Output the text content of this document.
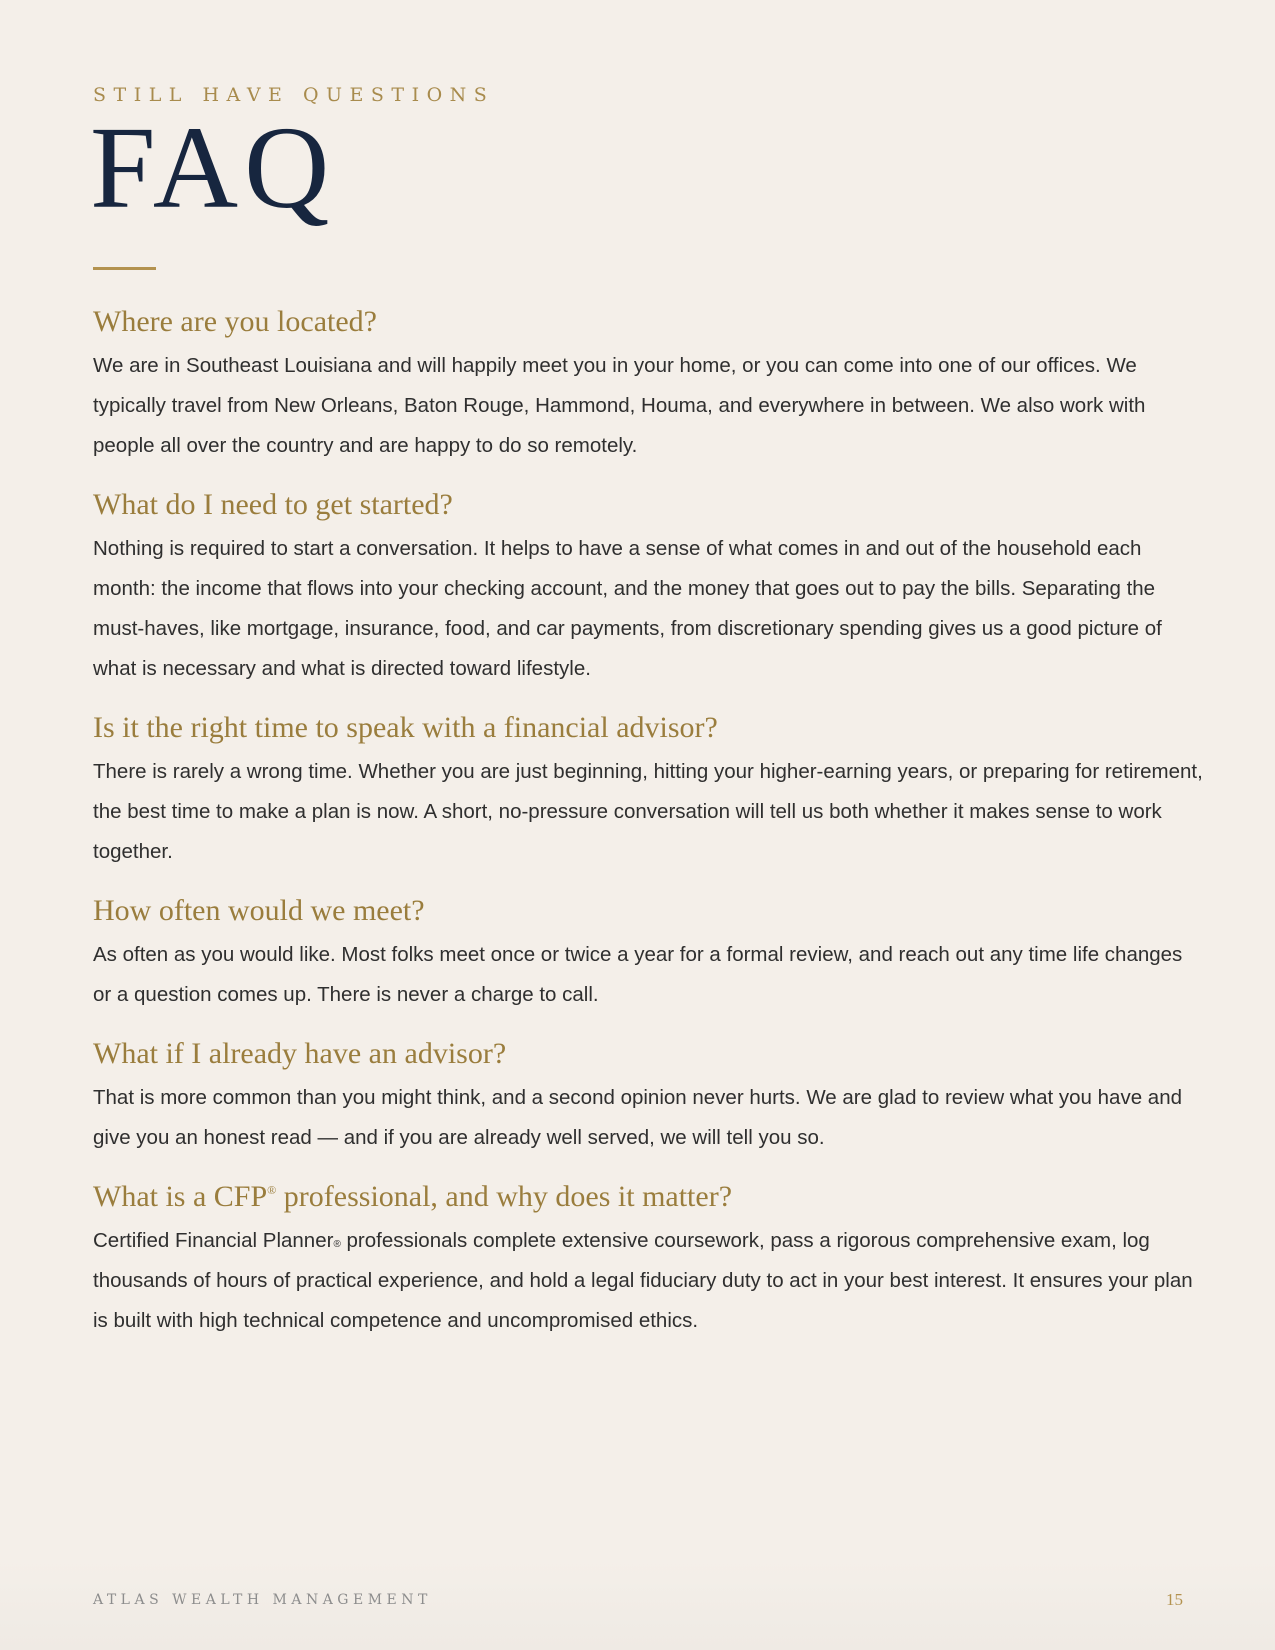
STILL HAVE QUESTIONS

FAQ
Where are you located?

We are in Southeast Louisiana and will happily meet you in your home, or you can come into one of our offices. We typically travel from New Orleans, Baton Rouge, Hammond, Houma, and everywhere in between. We also work with people all over the country and are happy to do so remotely.

What do I need to get started?

Nothing is required to start a conversation. It helps to have a sense of what comes in and out of the household each month: the income that flows into your checking account, and the money that goes out to pay the bills. Separating the must-haves, like mortgage, insurance, food, and car payments, from discretionary spending gives us a good picture of what is necessary and what is directed toward lifestyle.

Is it the right time to speak with a financial advisor?

There is rarely a wrong time. Whether you are just beginning, hitting your higher-earning years, or preparing for retirement, the best time to make a plan is now. A short, no-pressure conversation will tell us both whether it makes sense to work together.

How often would we meet?

As often as you would like. Most folks meet once or twice a year for a formal review, and reach out any time life changes or a question comes up. There is never a charge to call.

What if I already have an advisor?

That is more common than you might think, and a second opinion never hurts. We are glad to review what you have and give you an honest read — and if you are already well served, we will tell you so.

What is a CFP® professional, and why does it matter?

Certified Financial Planner® professionals complete extensive coursework, pass a rigorous comprehensive exam, log thousands of hours of practical experience, and hold a legal fiduciary duty to act in your best interest. It ensures your plan is built with high technical competence and uncompromised ethics.

ATLAS WEALTH MANAGEMENT	15
